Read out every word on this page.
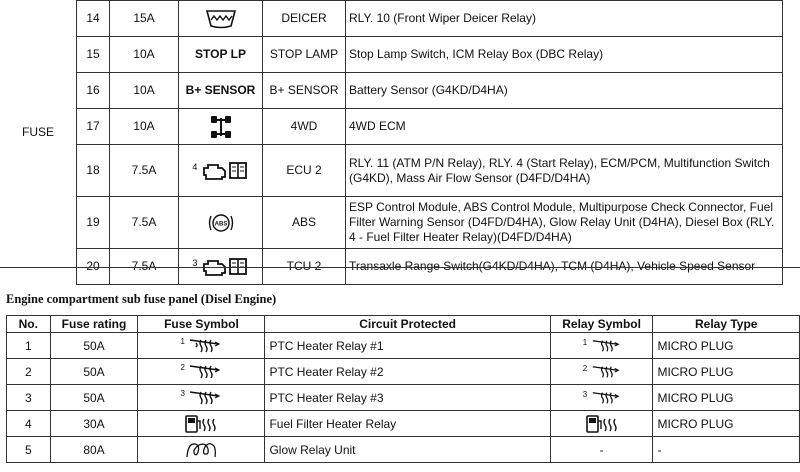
FUSE
14	15A		DEICER	RLY. 10 (Front Wiper Deicer Relay)
15	10A	STOP LP	STOP LAMP	Stop Lamp Switch, ICM Relay Box (DBC Relay)
16	10A	B+ SENSOR	B+ SENSOR	Battery Sensor (G4KD/D4HA)
17	10A		4WD	4WD ECM
18	7.5A	$^4$	ECU 2	RLY. 11 (ATM P/N Relay), RLY. 4 (Start Relay), ECM/PCM, Multifunction Switch (G4KD), Mass Air Flow Sensor (D4FD/D4HA)
19	7.5A	ABS	ABS	ESP Control Module, ABS Control Module, Multipurpose Check Connector, Fuel Filter Warning Sensor (D4FD/D4HA), Glow Relay Unit (D4HA), Diesel Box (RLY. 4 - Fuel Filter Heater Relay)(D4FD/D4HA)
20	7.5A	$^3$	TCU 2	Transaxle Range Switch(G4KD/D4HA), TCM (D4HA), Vehicle Speed Sensor
Engine compartment sub fuse panel (Disel Engine)
No.	Fuse rating	Fuse Symbol	Circuit Protected	Relay Symbol	Relay Type
1	50A	$^1$	PTC Heater Relay #1	$^1$	MICRO PLUG
2	50A	$^2$	PTC Heater Relay #2	$^2$	MICRO PLUG
3	50A	$^3$	PTC Heater Relay #3	$^3$	MICRO PLUG
4	30A		Fuel Filter Heater Relay		MICRO PLUG
5	80A		Glow Relay Unit	-	-
